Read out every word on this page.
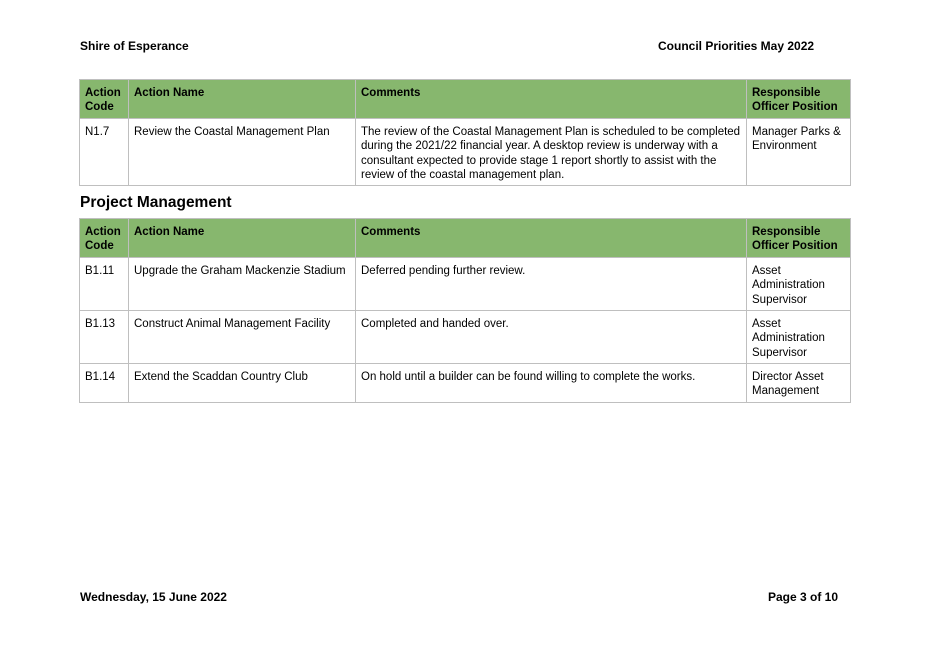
Shire of Esperance	Council Priorities May 2022
Action Code	Action Name	Comments	Responsible Officer Position
N1.7	Review the Coastal Management Plan	The review of the Coastal Management Plan is scheduled to be completed during the 2021/22 financial year. A desktop review is underway with a consultant expected to provide stage 1 report shortly to assist with the review of the coastal management plan.	Manager Parks & Environment
Project Management
Action Code	Action Name	Comments	Responsible Officer Position
B1.11	Upgrade the Graham Mackenzie Stadium	Deferred pending further review.	Asset Administration Supervisor
B1.13	Construct Animal Management Facility	Completed and handed over.	Asset Administration Supervisor
B1.14	Extend the Scaddan Country Club	On hold until a builder can be found willing to complete the works.	Director Asset Management
Wednesday, 15 June 2022	Page 3 of 10
